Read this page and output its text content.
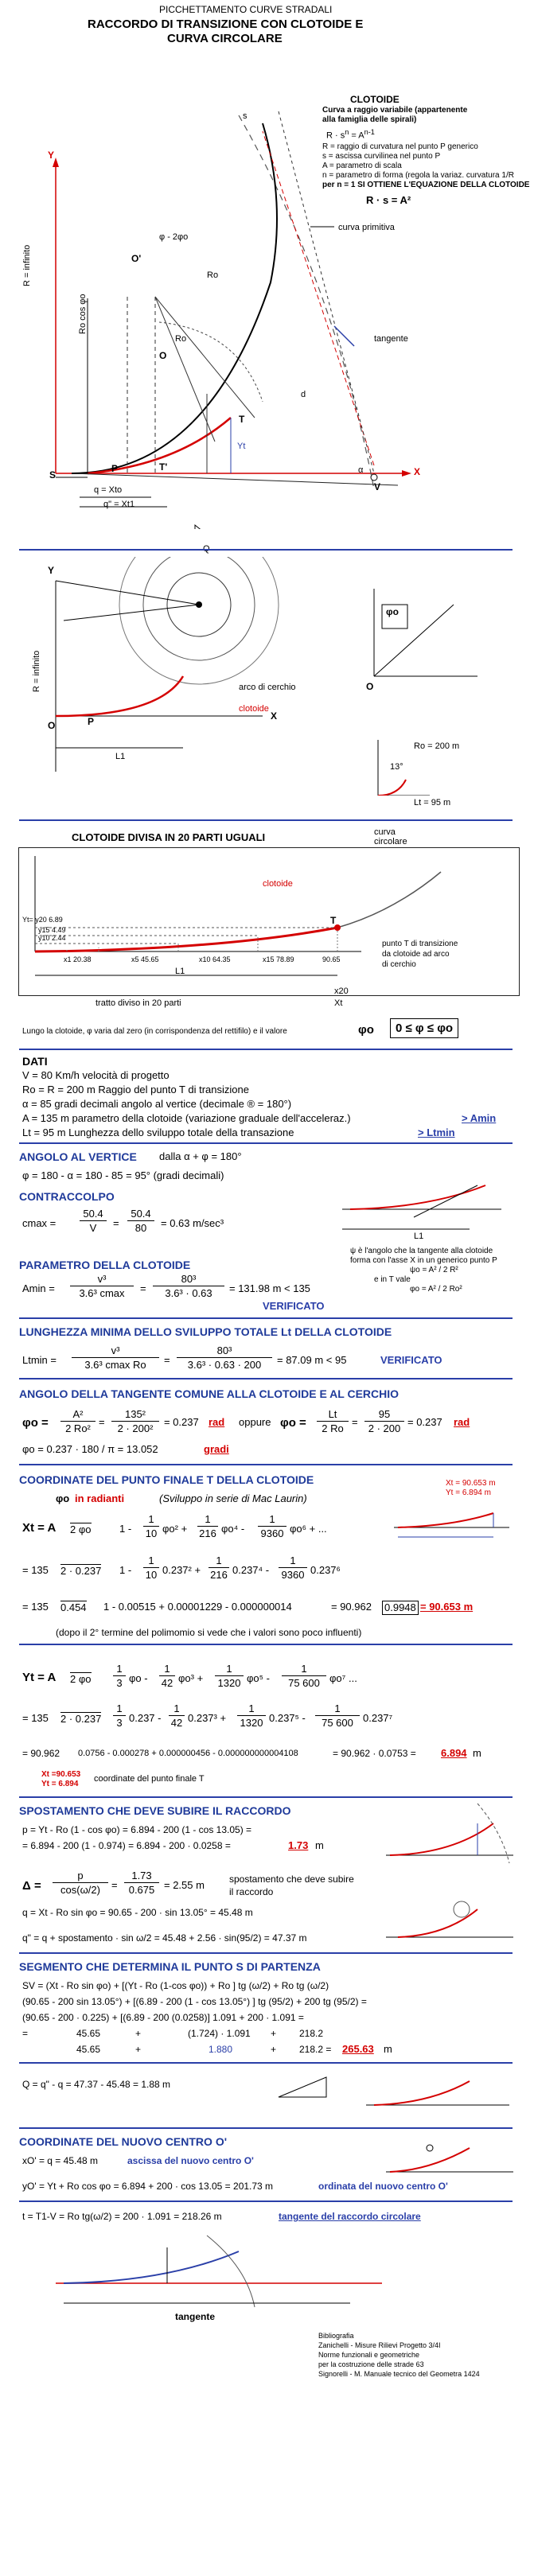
PICCHETTAMENTO CURVE STRADALI
RACCORDO DI TRANSIZIONE CON CLOTOIDE E
CURVA CIRCOLARE
CLOTOIDE
Curva a raggio variabile (appartenente
alla famiglia delle spirali)
$R \cdot s^n = A^{n-1}$
R = raggio di curvatura nel punto P generico
s = ascissa curvilinea nel punto P
A = parametro di scala
n = parametro di forma (regola la variaz. curvatura 1/R
per n = 1 SI OTTIENE L'EQUAZIONE DELLA CLOTOIDE
R · s = A²
curva primitiva
tangente
R = infinito
Y
X
O'
O
Ro
Ro
Ro cos φo
φ - 2φo
q = Xto
q" = Xt1
Yt
s
S
P
T
T'
V
α
d
Q
Y
X
O
R = infinito	arco di cerchio
clotoide
L1
P
φo
O
Ro = 200 m
13°
Lt = 95 m
CLOTOIDE DIVISA IN 20 PARTI UGUALI	curva
circolare
clotoide
Yt= y20 6.89
y15 4.49
y10 2.44
x1 20.38	x5 45.65	x10 64.35	x15 78.89	90.65
L1
tratto diviso in 20 parti	Xt
x20
T
punto T di transizione
da clotoide ad arco
di cerchio
Lungo la clotoide, φ varia dal zero (in corrispondenza del rettifilo) e il valore	φo	0 ≤ φ ≤ φo
DATI
V = 80 Km/h velocità di progetto
Ro = R = 200 m Raggio del punto T di transizione
α = 85 gradi decimali angolo al vertice (decimale ® = 180°)
A = 135 m parametro della clotoide (variazione graduale dell'acceleraz.)	> Amin
Lt = 95 m Lunghezza dello sviluppo totale della transazione	> Ltmin
ANGOLO AL VERTICE dalla α + φ = 180°
φ = 180 - α = 180 - 85 = 95° (gradi decimali)
CONTRACCOLPO
cmax =
50.4
V	=
50.4
80	= 0.63 m/sec³
L1
ψ è l'angolo che la tangente alla clotoide
forma con l'asse X in un generico punto P
ψo = A² / 2 R²
e in T vale
φo = A² / 2 Ro²
PARAMETRO DELLA CLOTOIDE
Amin =
v³
3.6³ cmax	=
80³
3.6³ · 0.63	= 131.98 m < 135
VERIFICATO
LUNGHEZZA MINIMA DELLO SVILUPPO TOTALE Lt DELLA CLOTOIDE
Ltmin =
v³
3.6³ cmax Ro	=
80³
3.6³ · 0.63 · 200	= 87.09 m < 95	VERIFICATO
ANGOLO DELLA TANGENTE COMUNE ALLA CLOTOIDE E AL CERCHIO
φo =
A²
2 Ro²
=
135²
2 · 200²
= 0.237 rad oppure φo =
Lt
2 Ro
=
95
2 · 200
= 0.237 rad
φo = 0.237 · 180 / π = 13.052	gradi
COORDINATE DEL PUNTO FINALE T DELLA CLOTOIDE
φo in radianti	(Sviluppo in serie di Mac Laurin)
Xt = 90.653 m
Yt = 6.894 m
Xt = A 2 φo	1 -
1
10 φo² +
1
216 φo⁴ -
1
9360 φo⁶ + ...
= 135 2 · 0.237 1 -
1
10 0.237² +
1
216 0.237⁴ -
1
9360 0.237⁶
= 135 0.454 1 - 0.00515 + 0.00001229 - 0.000000014	= 90.962 0.9948 = 90.653 m
(dopo il 2° termine del polimomio si vede che i valori sono poco influenti)
Yt = A 2 φo
1
3 φo -
1
42 φo³ +
1
1320 φo⁵ -
1
75 600 φo⁷ ...
= 135 2 · 0.237
1
3 0.237 -
1
42 0.237³ +
1
1320 0.237⁵ -
1
75 600 0.237⁷
= 90.962 0.0756 - 0.000278 + 0.000000456 - 0.000000000004108	= 90.962 · 0.0753 = 6.894 m
Xt =90.653
Yt = 6.894
coordinate del punto finale T
SPOSTAMENTO CHE DEVE SUBIRE IL RACCORDO
p = Yt - Ro (1 - cos φo) = 6.894 - 200 (1 - cos 13.05) =
= 6.894 - 200 (1 - 0.974) = 6.894 - 200 · 0.0258 =	1.73 m
Δ =
p
cos(ω/2)	=
1.73
0.675 = 2.55 m	spostamento che deve subire
il raccordo
q = Xt - Ro sin φo = 90.65 - 200 · sin 13.05° = 45.48 m
q" = q + spostamento · sin ω/2 = 45.48 + 2.56 · sin(95/2) = 47.37 m
SEGMENTO CHE DETERMINA IL PUNTO S DI PARTENZA
SV = (Xt - Ro sin φo) + [(Yt - Ro (1-cos φo)) + Ro ] tg (ω/2) + Ro tg (ω/2)
(90.65 - 200 sin 13.05°) + [(6.89 - 200 (1 - cos 13.05°) ] tg (95/2) + 200 tg (95/2) =
(90.65 - 200 · 0.225) + [(6.89 - 200 (0.0258)] 1.091 + 200 · 1.091 =
45.65	+	(1.724) · 1.091 + 218.2
=
45.65	+	1.880	+ 218.2 = 265.63 m
Q = q" - q = 47.37 - 45.48 = 1.88 m
COORDINATE DEL NUOVO CENTRO O'
xO' = q = 45.48 m	ascissa del nuovo centro O'
yO' = Yt + Ro cos φo = 6.894 + 200 · cos 13.05 = 201.73 m	ordinata del nuovo centro O'
t = T1-V = Ro tg(ω/2) = 200 · 1.091 = 218.26 m	tangente del raccordo circolare
tangente
Bibliografia
Zanichelli - Misure Rilievi Progetto 3/4I
Norme funzionali e geometriche
per la costruzione delle strade 63
Signorelli - M. Manuale tecnico del Geometra 1424
